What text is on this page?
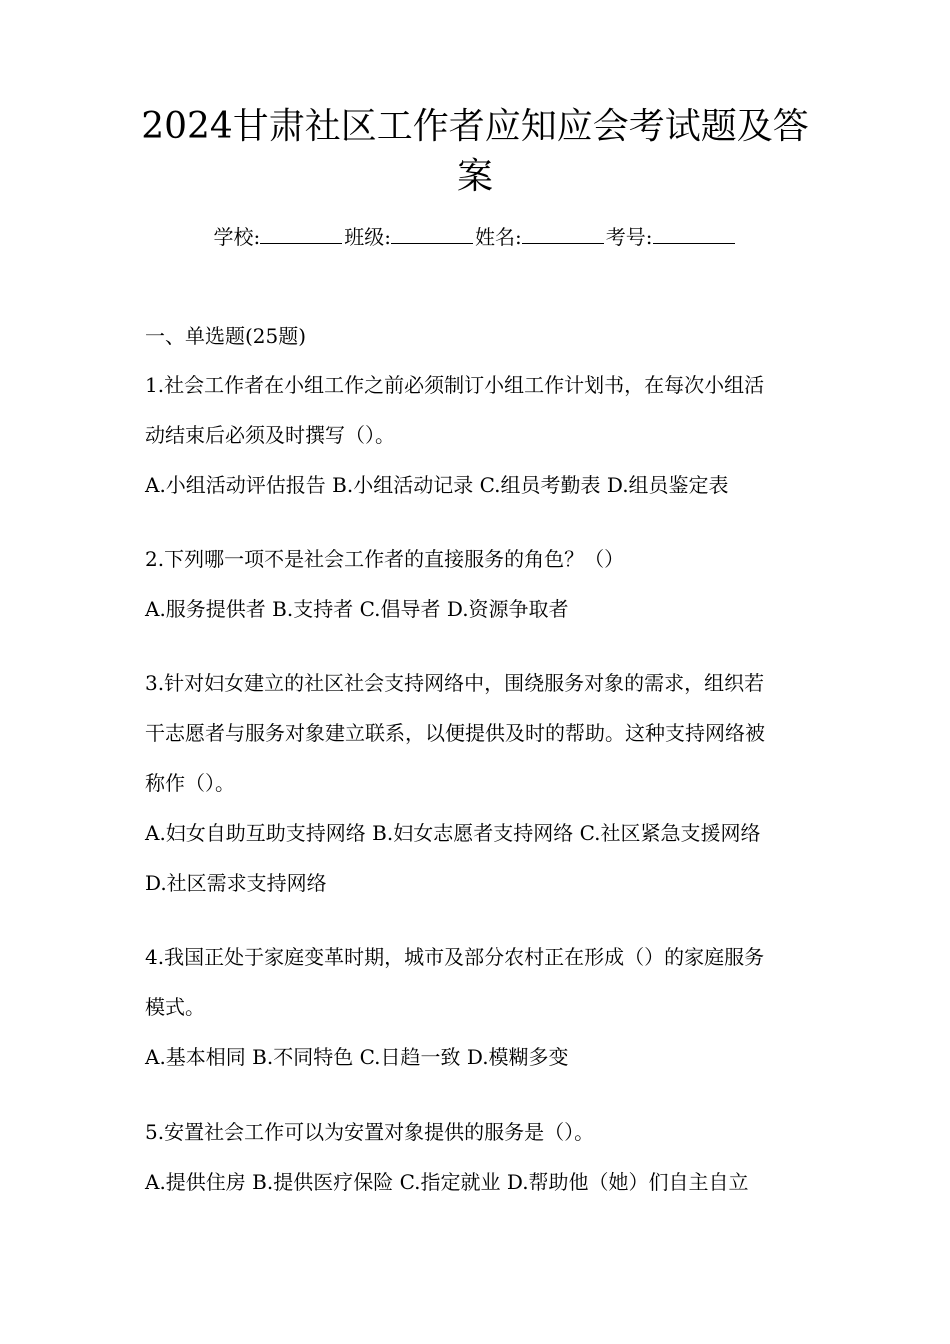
2024甘肃社区工作者应知应会考试题及答
案
学校:	班级:	姓名:	考号:
一、单选题(25题)
1.社会工作者在小组工作之前必须制订小组工作计划书，在每次小组活
动结束后必须及时撰写（）。
A.小组活动评估报告 B.小组活动记录 C.组员考勤表 D.组员鉴定表
2.下列哪一项不是社会工作者的直接服务的角色？（）
A.服务提供者 B.支持者 C.倡导者 D.资源争取者
3.针对妇女建立的社区社会支持网络中，围绕服务对象的需求，组织若
干志愿者与服务对象建立联系，以便提供及时的帮助。这种支持网络被
称作（）。
A.妇女自助互助支持网络 B.妇女志愿者支持网络 C.社区紧急支援网络
D.社区需求支持网络
4.我国正处于家庭变革时期，城市及部分农村正在形成（）的家庭服务
模式。
A.基本相同 B.不同特色 C.日趋一致 D.模糊多变
5.安置社会工作可以为安置对象提供的服务是（）。
A.提供住房 B.提供医疗保险 C.指定就业 D.帮助他（她）们自主自立
